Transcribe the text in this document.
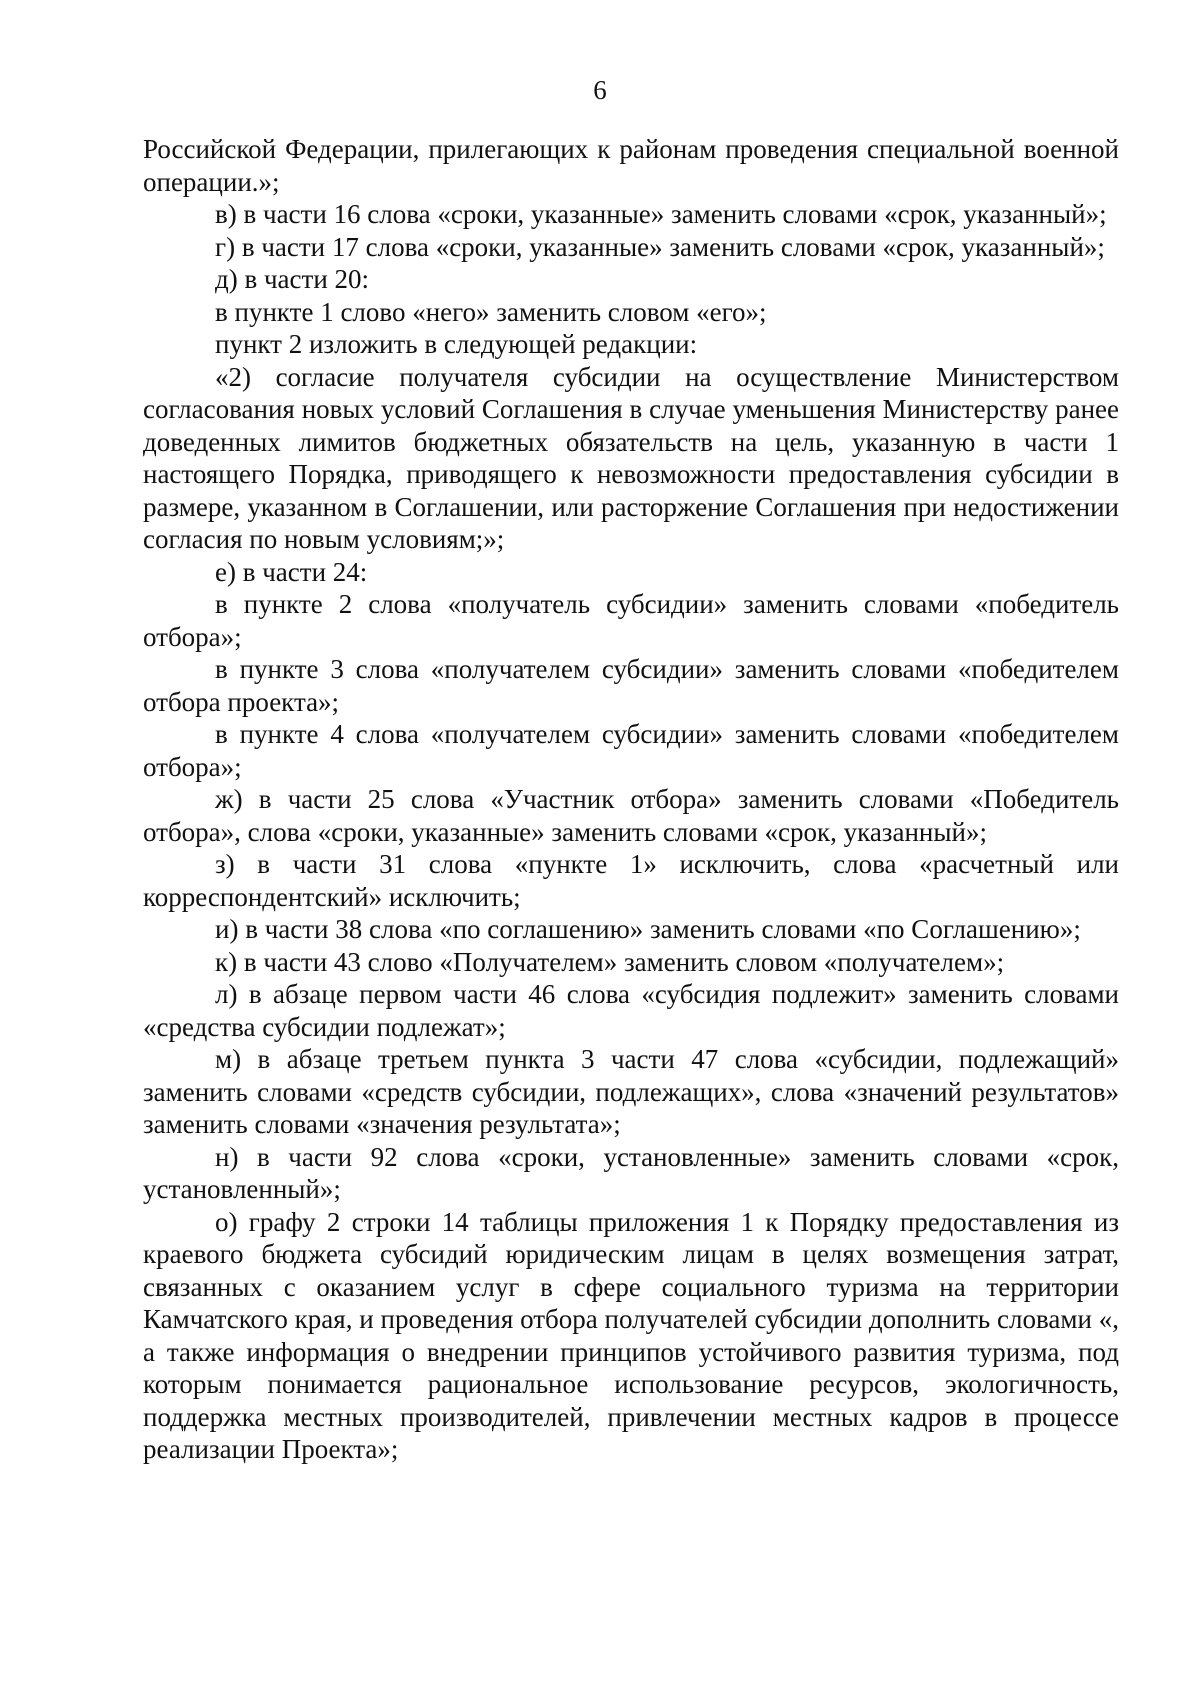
6

Российской Федерации, прилегающих к районам проведения специальной военной операции.»;

в) в части 16 слова «сроки, указанные» заменить словами «срок, указанный»;

г) в части 17 слова «сроки, указанные» заменить словами «срок, указанный»;

д) в части 20:

в пункте 1 слово «него» заменить словом «его»;

пункт 2 изложить в следующей редакции:

«2) согласие получателя субсидии на осуществление Министерством согласования новых условий Соглашения в случае уменьшения Министерству ранее доведенных лимитов бюджетных обязательств на цель, указанную в части 1 настоящего Порядка, приводящего к невозможности предоставления субсидии в размере, указанном в Соглашении, или расторжение Соглашения при недостижении согласия по новым условиям;»;

е) в части 24:

в пункте 2 слова «получатель субсидии» заменить словами «победитель отбора»;

в пункте 3 слова «получателем субсидии» заменить словами «победителем отбора проекта»;

в пункте 4 слова «получателем субсидии» заменить словами «победителем отбора»;

ж) в части 25 слова «Участник отбора» заменить словами «Победитель отбора», слова «сроки, указанные» заменить словами «срок, указанный»;

з) в части 31 слова «пункте 1» исключить, слова «расчетный или корреспондентский» исключить;

и) в части 38 слова «по соглашению» заменить словами «по Соглашению»;

к) в части 43 слово «Получателем» заменить словом «получателем»;

л) в абзаце первом части 46 слова «субсидия подлежит» заменить словами «средства субсидии подлежат»;

м) в абзаце третьем пункта 3 части 47 слова «субсидии, подлежащий» заменить словами «средств субсидии, подлежащих», слова «значений результатов» заменить словами «значения результата»;

н) в части 92 слова «сроки, установленные» заменить словами «срок, установленный»;

о) графу 2 строки 14 таблицы приложения 1 к Порядку предоставления из краевого бюджета субсидий юридическим лицам в целях возмещения затрат, связанных с оказанием услуг в сфере социального туризма на территории Камчатского края, и проведения отбора получателей субсидии дополнить словами «, а также информация о внедрении принципов устойчивого развития туризма, под которым понимается рациональное использование ресурсов, экологичность, поддержка местных производителей, привлечении местных кадров в процессе реализации Проекта»;
